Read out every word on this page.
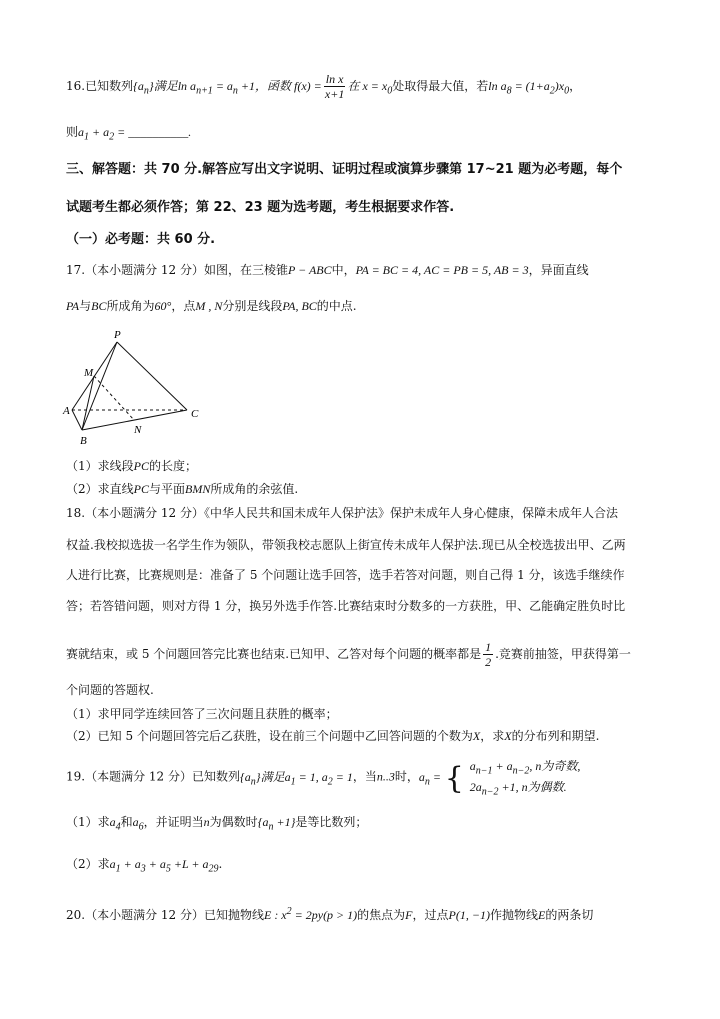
16.已知数列$\{a_n\}$满足$\ln a_{n+1} = a_n +1$，函数 $f(x) = \frac{\text{ln x}}{x+1}$ 在 $x = x_0$处取得最大值，若$\ln a_8 = (1+a_2)x_0$，
则$a_1 + a_2$ = __________.
三、解答题：共 70 分.解答应写出文字说明、证明过程或演算步骤第 17~21 题为必考题，每个
试题考生都必须作答；第 22、23 题为选考题，考生根据要求作答.
（一）必考题：共 60 分.
17.（本小题满分 12 分）如图，在三棱锥P − ABC中，PA = BC = 4, AC = PB = 5, AB = 3，异面直线
PA与BC所成角为60°，点M , N分别是线段PA, BC的中点.
P
M
A
B
C
N
（1）求线段PC的长度；
（2）求直线PC与平面BMN所成角的余弦值.
18.（本小题满分 12 分）《中华人民共和国未成年人保护法》保护未成年人身心健康，保障未成年人合法
权益.我校拟选拔一名学生作为领队，带领我校志愿队上街宣传未成年人保护法.现已从全校选拔出甲、乙两
人进行比赛，比赛规则是：准备了 5 个问题让选手回答，选手若答对问题，则自己得 1 分，该选手继续作
答；若答错问题，则对方得 1 分，换另外选手作答.比赛结束时分数多的一方获胜，甲、乙能确定胜负时比
赛就结束，或 5 个问题回答完比赛也结束.已知甲、乙答对每个问题的概率都是 $\frac{1}{2}$ .竞赛前抽签，甲获得第一
个问题的答题权.
（1）求甲同学连续回答了三次问题且获胜的概率；
（2）已知 5 个问题回答完后乙获胜，设在前三个问题中乙回答问题的个数为X，求X的分布列和期望.
19.（本题满分 12 分）已知数列$\{a_n\}$满足$a_1 = 1$, $a_2 = 1$，当n..3时，$a_n$ = { $a_{n-1} + a_{n-2}$, n为奇数,
$2a_{n-2} +1$, n为偶数.
（1）求$a_4$和$a_6$，并证明当n为偶数时$\{a_n +1\}$是等比数列；
（2）求$a_1 + a_3 + a_5 +L + a_{29}$.
20.（本小题满分 12 分）已知抛物线E : $x^2 = 2py(p > 1)$的焦点为F，过点P(1, −1)作抛物线E的两条切
